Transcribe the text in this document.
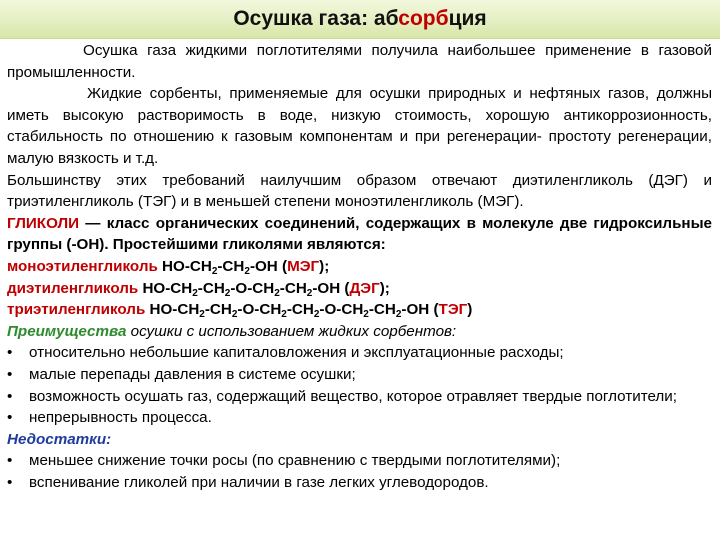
Осушка газа: абсорбция

Осушка газа жидкими поглотителями получила наибольшее применение в газовой промышленности.

Жидкие сорбенты, применяемые для осушки природных и нефтяных газов, должны иметь высокую растворимость в воде, низкую стоимость, хорошую антикоррозионность, стабильность по отношению к газовым компонентам и при регенерации- простоту регенерации, малую вязкость и т.д.

Большинству этих требований наилучшим образом отвечают диэтиленгликоль (ДЭГ) и триэтиленгликоль (ТЭГ) и в меньшей степени моноэтиленгликоль (МЭГ).

ГЛИКОЛИ — класс органических соединений, содержащих в молекуле две гидроксильные группы (-ОН). Простейшими гликолями являются:

моноэтиленгликоль $HO-CH_2-CH_2-OH$ (МЭГ);

диэтиленгликоль $HO-CH_2-CH_2-O-CH_2-CH_2-OH$ (ДЭГ);

триэтиленгликоль $HO-CH_2-CH_2-O-CH_2-CH_2-O-CH_2-CH_2-OH$ (ТЭГ)

Преимущества осушки с использованием жидких сорбентов:

•	относительно небольшие капиталовложения и эксплуатационные расходы;

•	малые перепады давления в системе осушки;

•	возможность осушать газ, содержащий вещество, которое отравляет твердые поглотители;

•	непрерывность процесса.

Недостатки:

•	меньшее снижение точки росы (по сравнению с твердыми поглотителями);

•	вспенивание гликолей при наличии в газе легких углеводородов.
